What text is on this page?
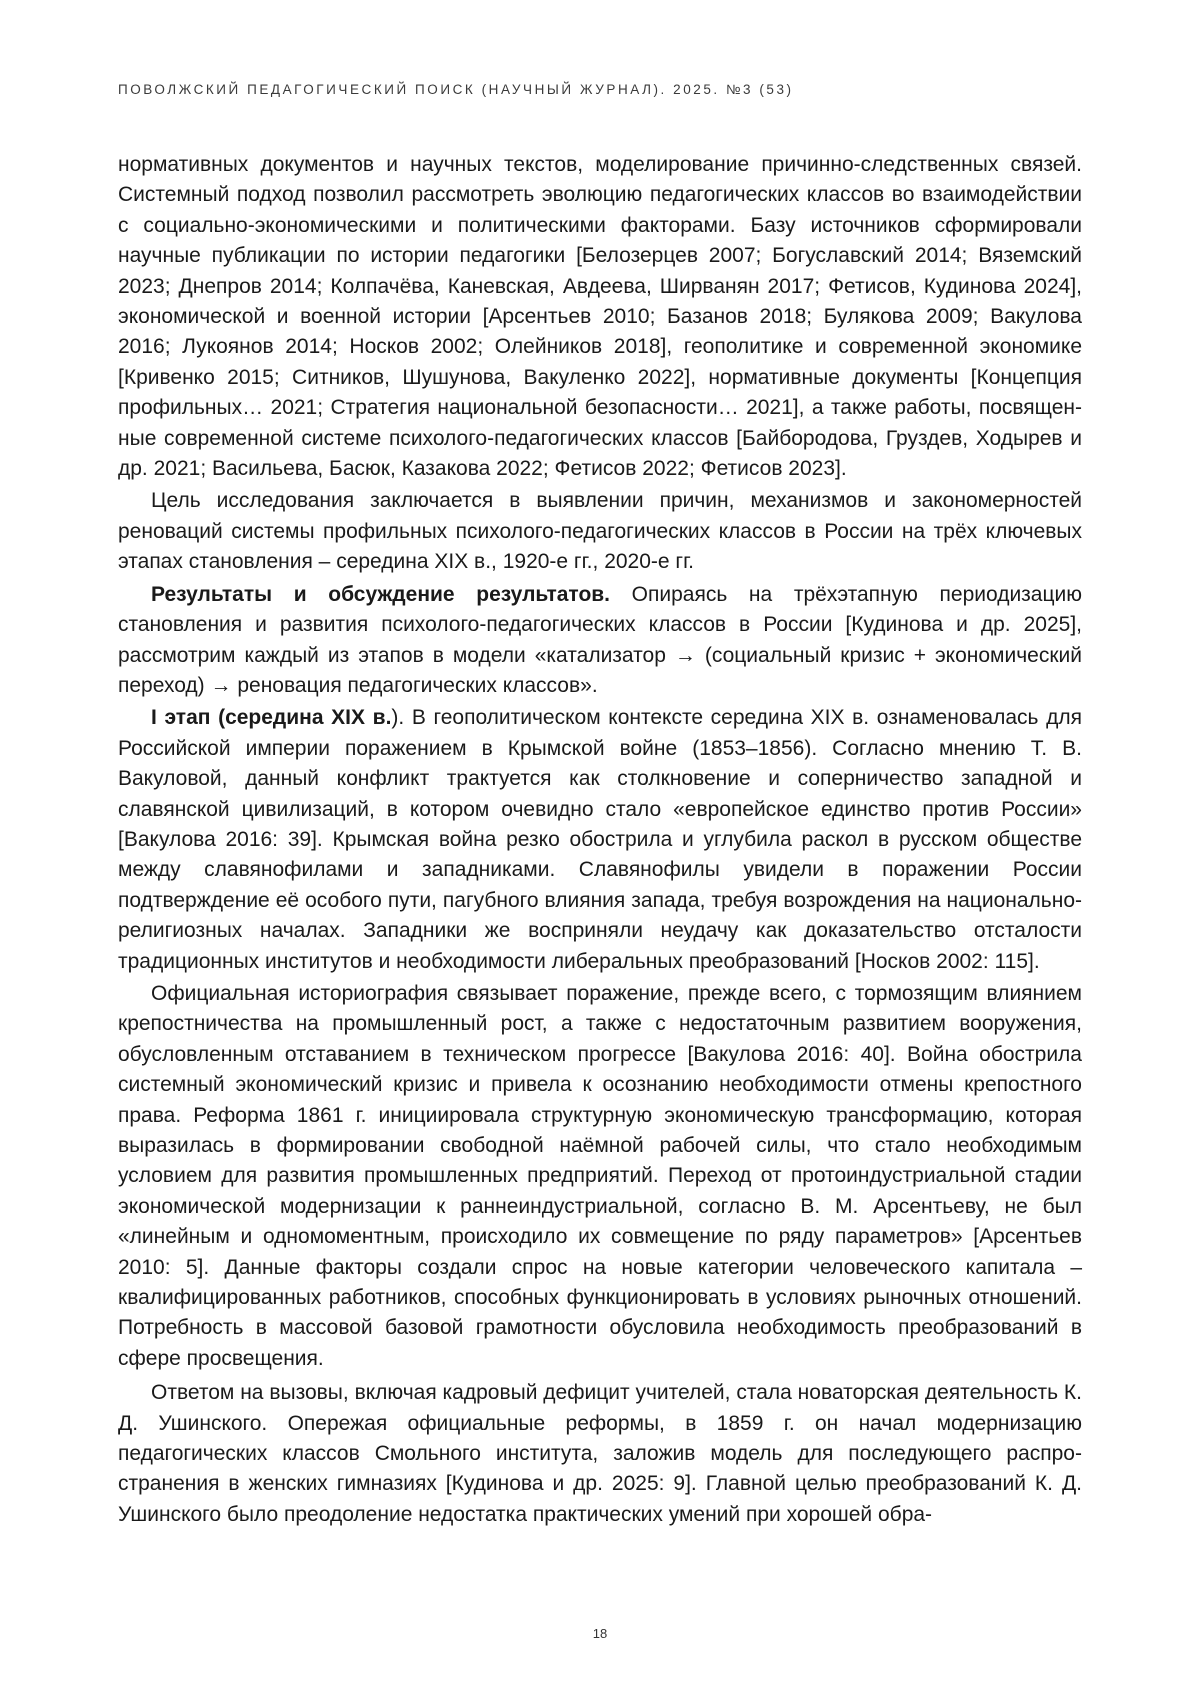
ПОВОЛЖСКИЙ ПЕДАГОГИЧЕСКИЙ ПОИСК (НАУЧНЫЙ ЖУРНАЛ). 2025. №3 (53)

нормативных документов и научных текстов, моделирование причинно-следственных связей. Системный подход позволил рассмотреть эволюцию педагогических классов во взаимодействии с социально-экономическими и политическими факторами. Базу источников сформировали научные публикации по истории педагогики [Белозерцев 2007; Богуславский 2014; Вяземский 2023; Днепров 2014; Колпачёва, Каневская, Авдеева, Ширванян 2017; Фетисов, Кудинова 2024], экономической и военной истории [Арсентьев 2010; Базанов 2018; Булякова 2009; Вакулова 2016; Лукоянов 2014; Носков 2002; Олейников 2018], геополитике и современной экономике [Кривенко 2015; Ситников, Шушунова, Вакуленко 2022], нормативные документы [Концепция профильных… 2021; Стратегия национальной безопасности… 2021], а также работы, посвященные современной системе психолого-педагогических классов [Байбородова, Груздев, Ходырев и др. 2021; Васильева, Басюк, Казакова 2022; Фетисов 2022; Фетисов 2023].

Цель исследования заключается в выявлении причин, механизмов и закономерностей реноваций системы профильных психолого-педагогических классов в России на трёх ключевых этапах становления – середина XIX в., 1920-е гг., 2020-е гг.

Результаты и обсуждение результатов. Опираясь на трёхэтапную периодизацию становления и развития психолого-педагогических классов в России [Кудинова и др. 2025], рассмотрим каждый из этапов в модели «катализатор → (социальный кризис + экономический переход) → реновация педагогических классов».

I этап (середина XIX в.). В геополитическом контексте середина XIX в. ознаменовалась для Российской империи поражением в Крымской войне (1853–1856). Согласно мнению Т. В. Вакуловой, данный конфликт трактуется как столкновение и соперничество западной и славянской цивилизаций, в котором очевидно стало «европейское единство против России» [Вакулова 2016: 39]. Крымская война резко обострила и углубила раскол в русском обществе между славянофилами и западниками. Славянофилы увидели в поражении России подтверждение её особого пути, пагубного влияния запада, требуя возрождения на национально-религиозных началах. Западники же восприняли неудачу как доказательство отсталости традиционных институтов и необходимости либеральных преобразований [Носков 2002: 115].

Официальная историография связывает поражение, прежде всего, с тормозящим влиянием крепостничества на промышленный рост, а также с недостаточным развитием вооружения, обусловленным отставанием в техническом прогрессе [Вакулова 2016: 40]. Война обострила системный экономический кризис и привела к осознанию необходимости отмены крепостного права. Реформа 1861 г. инициировала структурную экономическую трансформацию, которая выразилась в формировании свободной наёмной рабочей силы, что стало необходимым условием для развития промышленных предприятий. Переход от протоиндустриальной стадии экономической модернизации к раннеиндустриальной, согласно В. М. Арсентьеву, не был «линейным и одномоментным, происходило их совмещение по ряду параметров» [Арсентьев 2010: 5]. Данные факторы создали спрос на новые категории человеческого капитала – квалифицированных работников, способных функционировать в условиях рыночных отношений. Потребность в массовой базовой грамотности обусловила необходимость преобразований в сфере просвещения.

Ответом на вызовы, включая кадровый дефицит учителей, стала новаторская деятельность К. Д. Ушинского. Опережая официальные реформы, в 1859 г. он начал модернизацию педагогических классов Смольного института, заложив модель для последующего распространения в женских гимназиях [Кудинова и др. 2025: 9]. Главной целью преобразований К. Д. Ушинского было преодоление недостатка практических умений при хорошей обра-

18
